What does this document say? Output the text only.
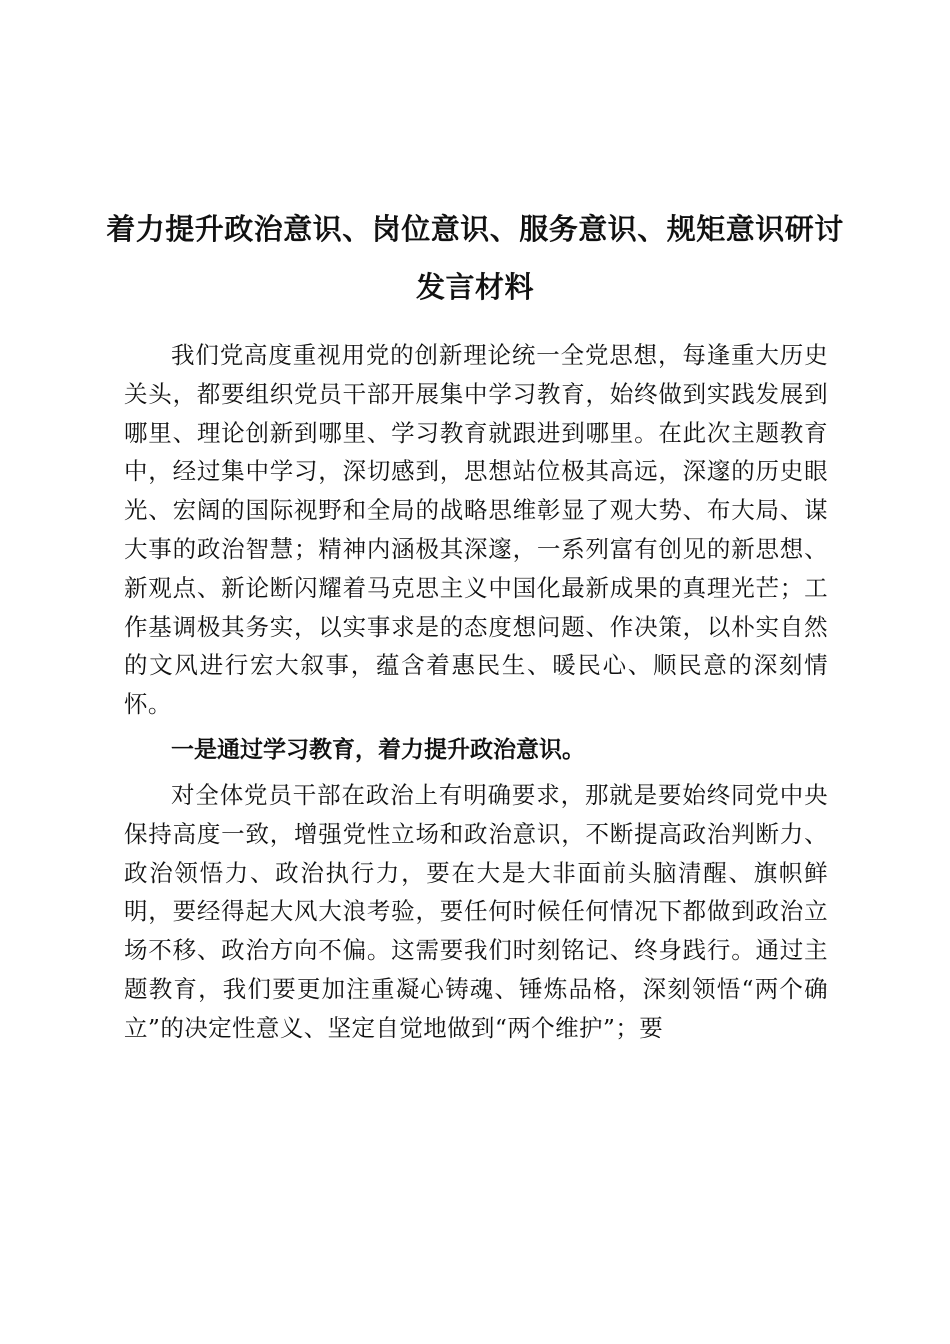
着力提升政治意识、岗位意识、服务意识、规矩意识研讨
发言材料

我们党高度重视用党的创新理论统一全党思想，每逢重大历史关头，都要组织党员干部开展集中学习教育，始终做到实践发展到哪里、理论创新到哪里、学习教育就跟进到哪里。在此次主题教育中，经过集中学习，深切感到，思想站位极其高远，深邃的历史眼光、宏阔的国际视野和全局的战略思维彰显了观大势、布大局、谋大事的政治智慧；精神内涵极其深邃，一系列富有创见的新思想、新观点、新论断闪耀着马克思主义中国化最新成果的真理光芒；工作基调极其务实，以实事求是的态度想问题、作决策，以朴实自然的文风进行宏大叙事，蕴含着惠民生、暖民心、顺民意的深刻情怀。

一是通过学习教育，着力提升政治意识。

对全体党员干部在政治上有明确要求，那就是要始终同党中央保持高度一致，增强党性立场和政治意识，不断提高政治判断力、政治领悟力、政治执行力，要在大是大非面前头脑清醒、旗帜鲜明，要经得起大风大浪考验，要任何时候任何情况下都做到政治立场不移、政治方向不偏。这需要我们时刻铭记、终身践行。通过主题教育，我们要更加注重凝心铸魂、锤炼品格，深刻领悟“两个确立”的决定性意义、坚定自觉地做到“两个维护”；要
